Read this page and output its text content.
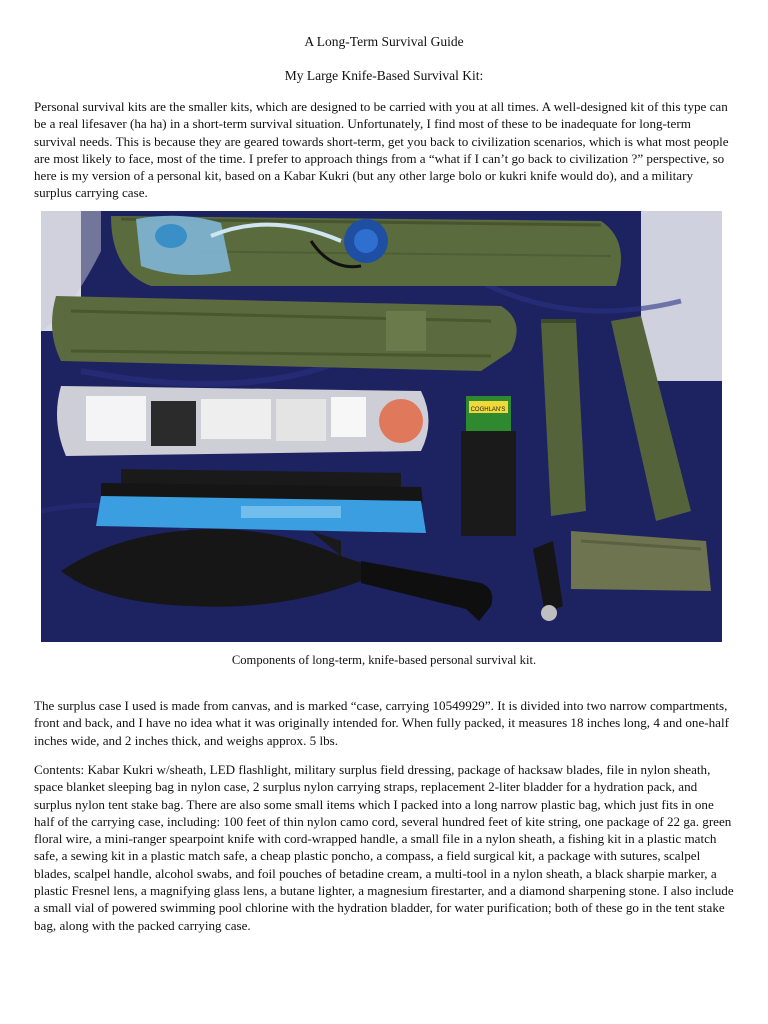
A Long-Term Survival Guide
My Large Knife-Based Survival Kit:

Personal survival kits are the smaller kits, which are designed to be carried with you at all times. A well-designed kit of this type can be a real lifesaver (ha ha) in a short-term survival situation. Unfortunately, I find most of these to be inadequate for long-term survival needs. This is because they are geared towards short-term, get you back to civilization scenarios, which is what most people are most likely to face, most of the time. I prefer to approach things from a “what if I can’t go back to civilization ?” perspective, so here is my version of a personal kit, based on a Kabar Kukri (but any other large bolo or kukri knife would do), and a military surplus carrying case.

COGHLAN'S
Components of long-term, knife-based personal survival kit.

The surplus case I used is made from canvas, and is marked “case, carrying 10549929”. It is divided into two narrow compartments, front and back, and I have no idea what it was originally intended for. When fully packed, it measures 18 inches long, 4 and one-half inches wide, and 2 inches thick, and weighs approx. 5 lbs.

Contents: Kabar Kukri w/sheath, LED flashlight, military surplus field dressing, package of hacksaw blades, file in nylon sheath, space blanket sleeping bag in nylon case, 2 surplus nylon carrying straps, replacement 2-liter bladder for a hydration pack, and surplus nylon tent stake bag. There are also some small items which I packed into a long narrow plastic bag, which just fits in one half of the carrying case, including: 100 feet of thin nylon camo cord, several hundred feet of kite string, one package of 22 ga. green floral wire, a mini-ranger spearpoint knife with cord-wrapped handle, a small file in a nylon sheath, a fishing kit in a plastic match safe, a sewing kit in a plastic match safe, a cheap plastic poncho, a compass, a field surgical kit, a package with sutures, scalpel blades, scalpel handle, alcohol swabs, and foil pouches of betadine cream, a multi-tool in a nylon sheath, a black sharpie marker, a plastic Fresnel lens, a magnifying glass lens, a butane lighter, a magnesium firestarter, and a diamond sharpening stone. I also include a small vial of powered swimming pool chlorine with the hydration bladder, for water purification; both of these go in the tent stake bag, along with the packed carrying case.
